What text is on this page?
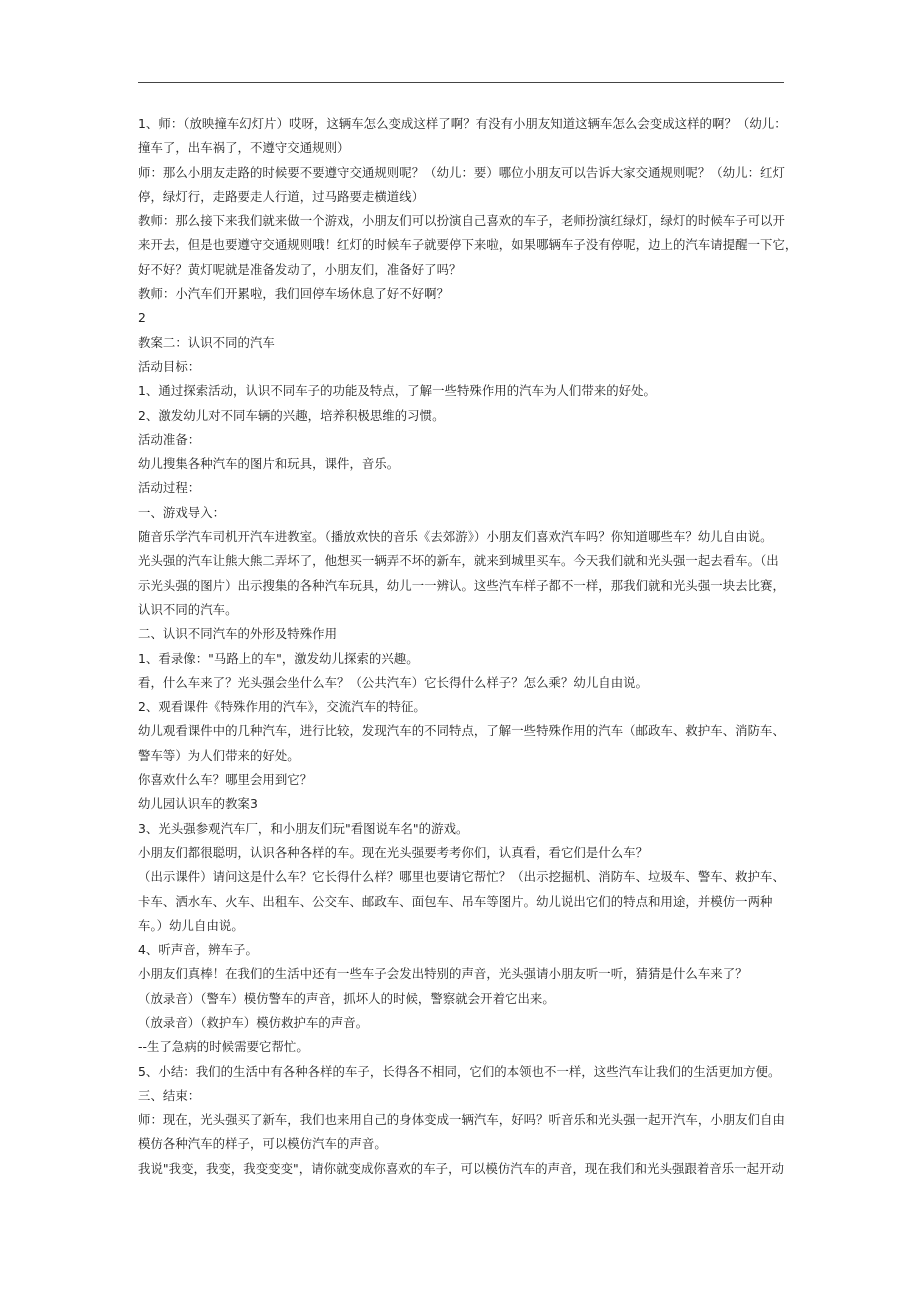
1、师：（放映撞车幻灯片）哎呀，这辆车怎么变成这样了啊？有没有小朋友知道这辆车怎么会变成这样的啊？（幼儿：
撞车了，出车祸了，不遵守交通规则）
师：那么小朋友走路的时候要不要遵守交通规则呢？（幼儿：要）哪位小朋友可以告诉大家交通规则呢？（幼儿：红灯
停，绿灯行，走路要走人行道，过马路要走横道线）
教师：那么接下来我们就来做一个游戏，小朋友们可以扮演自己喜欢的车子，老师扮演红绿灯，绿灯的时候车子可以开
来开去，但是也要遵守交通规则哦！红灯的时候车子就要停下来啦，如果哪辆车子没有停呢，边上的汽车请提醒一下它，
好不好？黄灯呢就是准备发动了，小朋友们，准备好了吗？
教师：小汽车们开累啦，我们回停车场休息了好不好啊？
2
教案二：认识不同的汽车
活动目标：
1、通过探索活动，认识不同车子的功能及特点，了解一些特殊作用的汽车为人们带来的好处。
2、激发幼儿对不同车辆的兴趣，培养积极思维的习惯。
活动准备：
幼儿搜集各种汽车的图片和玩具，课件，音乐。
活动过程：
一、游戏导入：
随音乐学汽车司机开汽车进教室。（播放欢快的音乐《去郊游》）小朋友们喜欢汽车吗？你知道哪些车？幼儿自由说。
光头强的汽车让熊大熊二弄坏了，他想买一辆弄不坏的新车，就来到城里买车。今天我们就和光头强一起去看车。（出
示光头强的图片）出示搜集的各种汽车玩具，幼儿一一辨认。这些汽车样子都不一样，那我们就和光头强一块去比赛，
认识不同的汽车。
二、认识不同汽车的外形及特殊作用
1、看录像："马路上的车"，激发幼儿探索的兴趣。
看，什么车来了？光头强会坐什么车？（公共汽车）它长得什么样子？怎么乘？幼儿自由说。
2、观看课件《特殊作用的汽车》，交流汽车的特征。
幼儿观看课件中的几种汽车，进行比较，发现汽车的不同特点，了解一些特殊作用的汽车（邮政车、救护车、消防车、
警车等）为人们带来的好处。
你喜欢什么车？哪里会用到它？
幼儿园认识车的教案3
3、光头强参观汽车厂，和小朋友们玩"看图说车名"的游戏。
小朋友们都很聪明，认识各种各样的车。现在光头强要考考你们，认真看，看它们是什么车？
（出示课件）请问这是什么车？它长得什么样？哪里也要请它帮忙？（出示挖掘机、消防车、垃圾车、警车、救护车、
卡车、洒水车、火车、出租车、公交车、邮政车、面包车、吊车等图片。幼儿说出它们的特点和用途，并模仿一两种
车。）幼儿自由说。
4、听声音，辨车子。
小朋友们真棒！在我们的生活中还有一些车子会发出特别的声音，光头强请小朋友听一听，猜猜是什么车来了？
（放录音）（警车）模仿警车的声音，抓坏人的时候，警察就会开着它出来。
（放录音）（救护车）模仿救护车的声音。
--生了急病的时候需要它帮忙。
5、小结：我们的生活中有各种各样的车子，长得各不相同，它们的本领也不一样，这些汽车让我们的生活更加方便。
三、结束：
师：现在，光头强买了新车，我们也来用自己的身体变成一辆汽车，好吗？听音乐和光头强一起开汽车，小朋友们自由
模仿各种汽车的样子，可以模仿汽车的声音。
我说"我变，我变，我变变变"，请你就变成你喜欢的车子，可以模仿汽车的声音，现在我们和光头强跟着音乐一起开动
